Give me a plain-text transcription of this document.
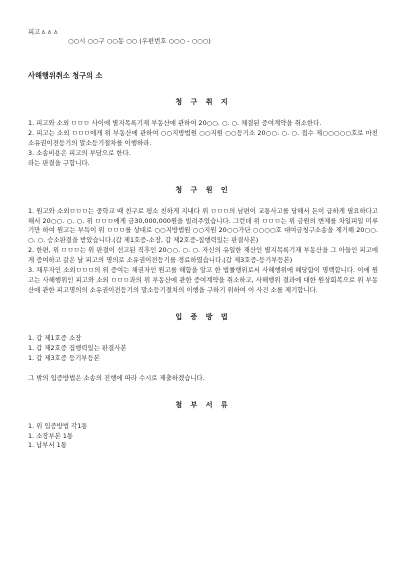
피고ㅿㅿㅿ

○○시 ○○구 ○○동 ○○ (우편번호 ○○○ - ○○○)

사해행위취소 청구의 소

청 구 취 지

1. 피고와 소외 ㅁㅁㅁ 사이에 별지목록기재 부동산에 관하여 20○○. ○. ○. 체결된 증여계약을 취소한다.

2. 피고는 소외 ㅁㅁㅁ에게 위 부동산에 관하여 ○○지방법원 ○○지원 ○○등기소 20○○. ○. ○. 접수 제○○○○○호로 마친 소유권이전등기의 말소등기절차를 이행하라.

3. 소송비용은 피고의 부담으로 한다.

라는 판결을 구합니다.

청 구 원 인

1. 원고와 소외ㅁㅁㅁ는 중학교 때 친구로 평소 친하게 지내다 위 ㅁㅁㅁ의 남편이 교통사고를 당해서 돈이 급하게 필요하다고 해서 20○○. ○. ○. 위 ㅁㅁㅁ에게 금30,000,000원을 빌려주었습니다. 그런데 위 ㅁㅁㅁ는 위 금원의 변제를 차일피일 미루기만 하여 원고는 부득이 위 ㅁㅁㅁ를 상대로 ○○지방법원 ○○지원 20○○가단 ○○○○호 대여금청구소송을 제기해 20○○. ○. ○. 승소판결을 받았습니다.(갑 제1호증-소장, 갑 제2호증-집행력있는 판결사본)

2. 한편, 위 ㅁㅁㅁ는 위 판결이 선고된 직후인 20○○. ○. ○. 자신의 유일한 재산인 별지목록기재 부동산을 그 아들인 피고에게 증여하고 같은 날 피고의 명의로 소유권이전등기를 경료하였습니다.(갑 제3호증-등기부등본)

3. 채무자인 소외ㅁㅁㅁ의 위 증여는 채권자인 원고를 해함을 알고 한 법률행위로서 사해행위에 해당함이 명백합니다. 이에 원고는 사해행위인 피고와 소외 ㅁㅁㅁ과의 위 부동산에 관한 증여계약을 취소하고, 사해행위 결과에 대한 원상회복으로 위 부동산에 관한 피고명의의 소유권이전등기의 말소등기절차의 이행을 구하기 위하여 이 사건 소를 제기합니다.

입 증 방 법

1. 갑 제1호증 소장

1. 갑 제2호증 집행력있는 판결사본

1. 갑 제3호증 등기부등본

그 밖의 입증방법은 소송의 진행에 따라 수시로 제출하겠습니다.

첨 부 서 류

1. 위 입증방법 각1통

1. 소장부본 1통

1. 납부서 1통
